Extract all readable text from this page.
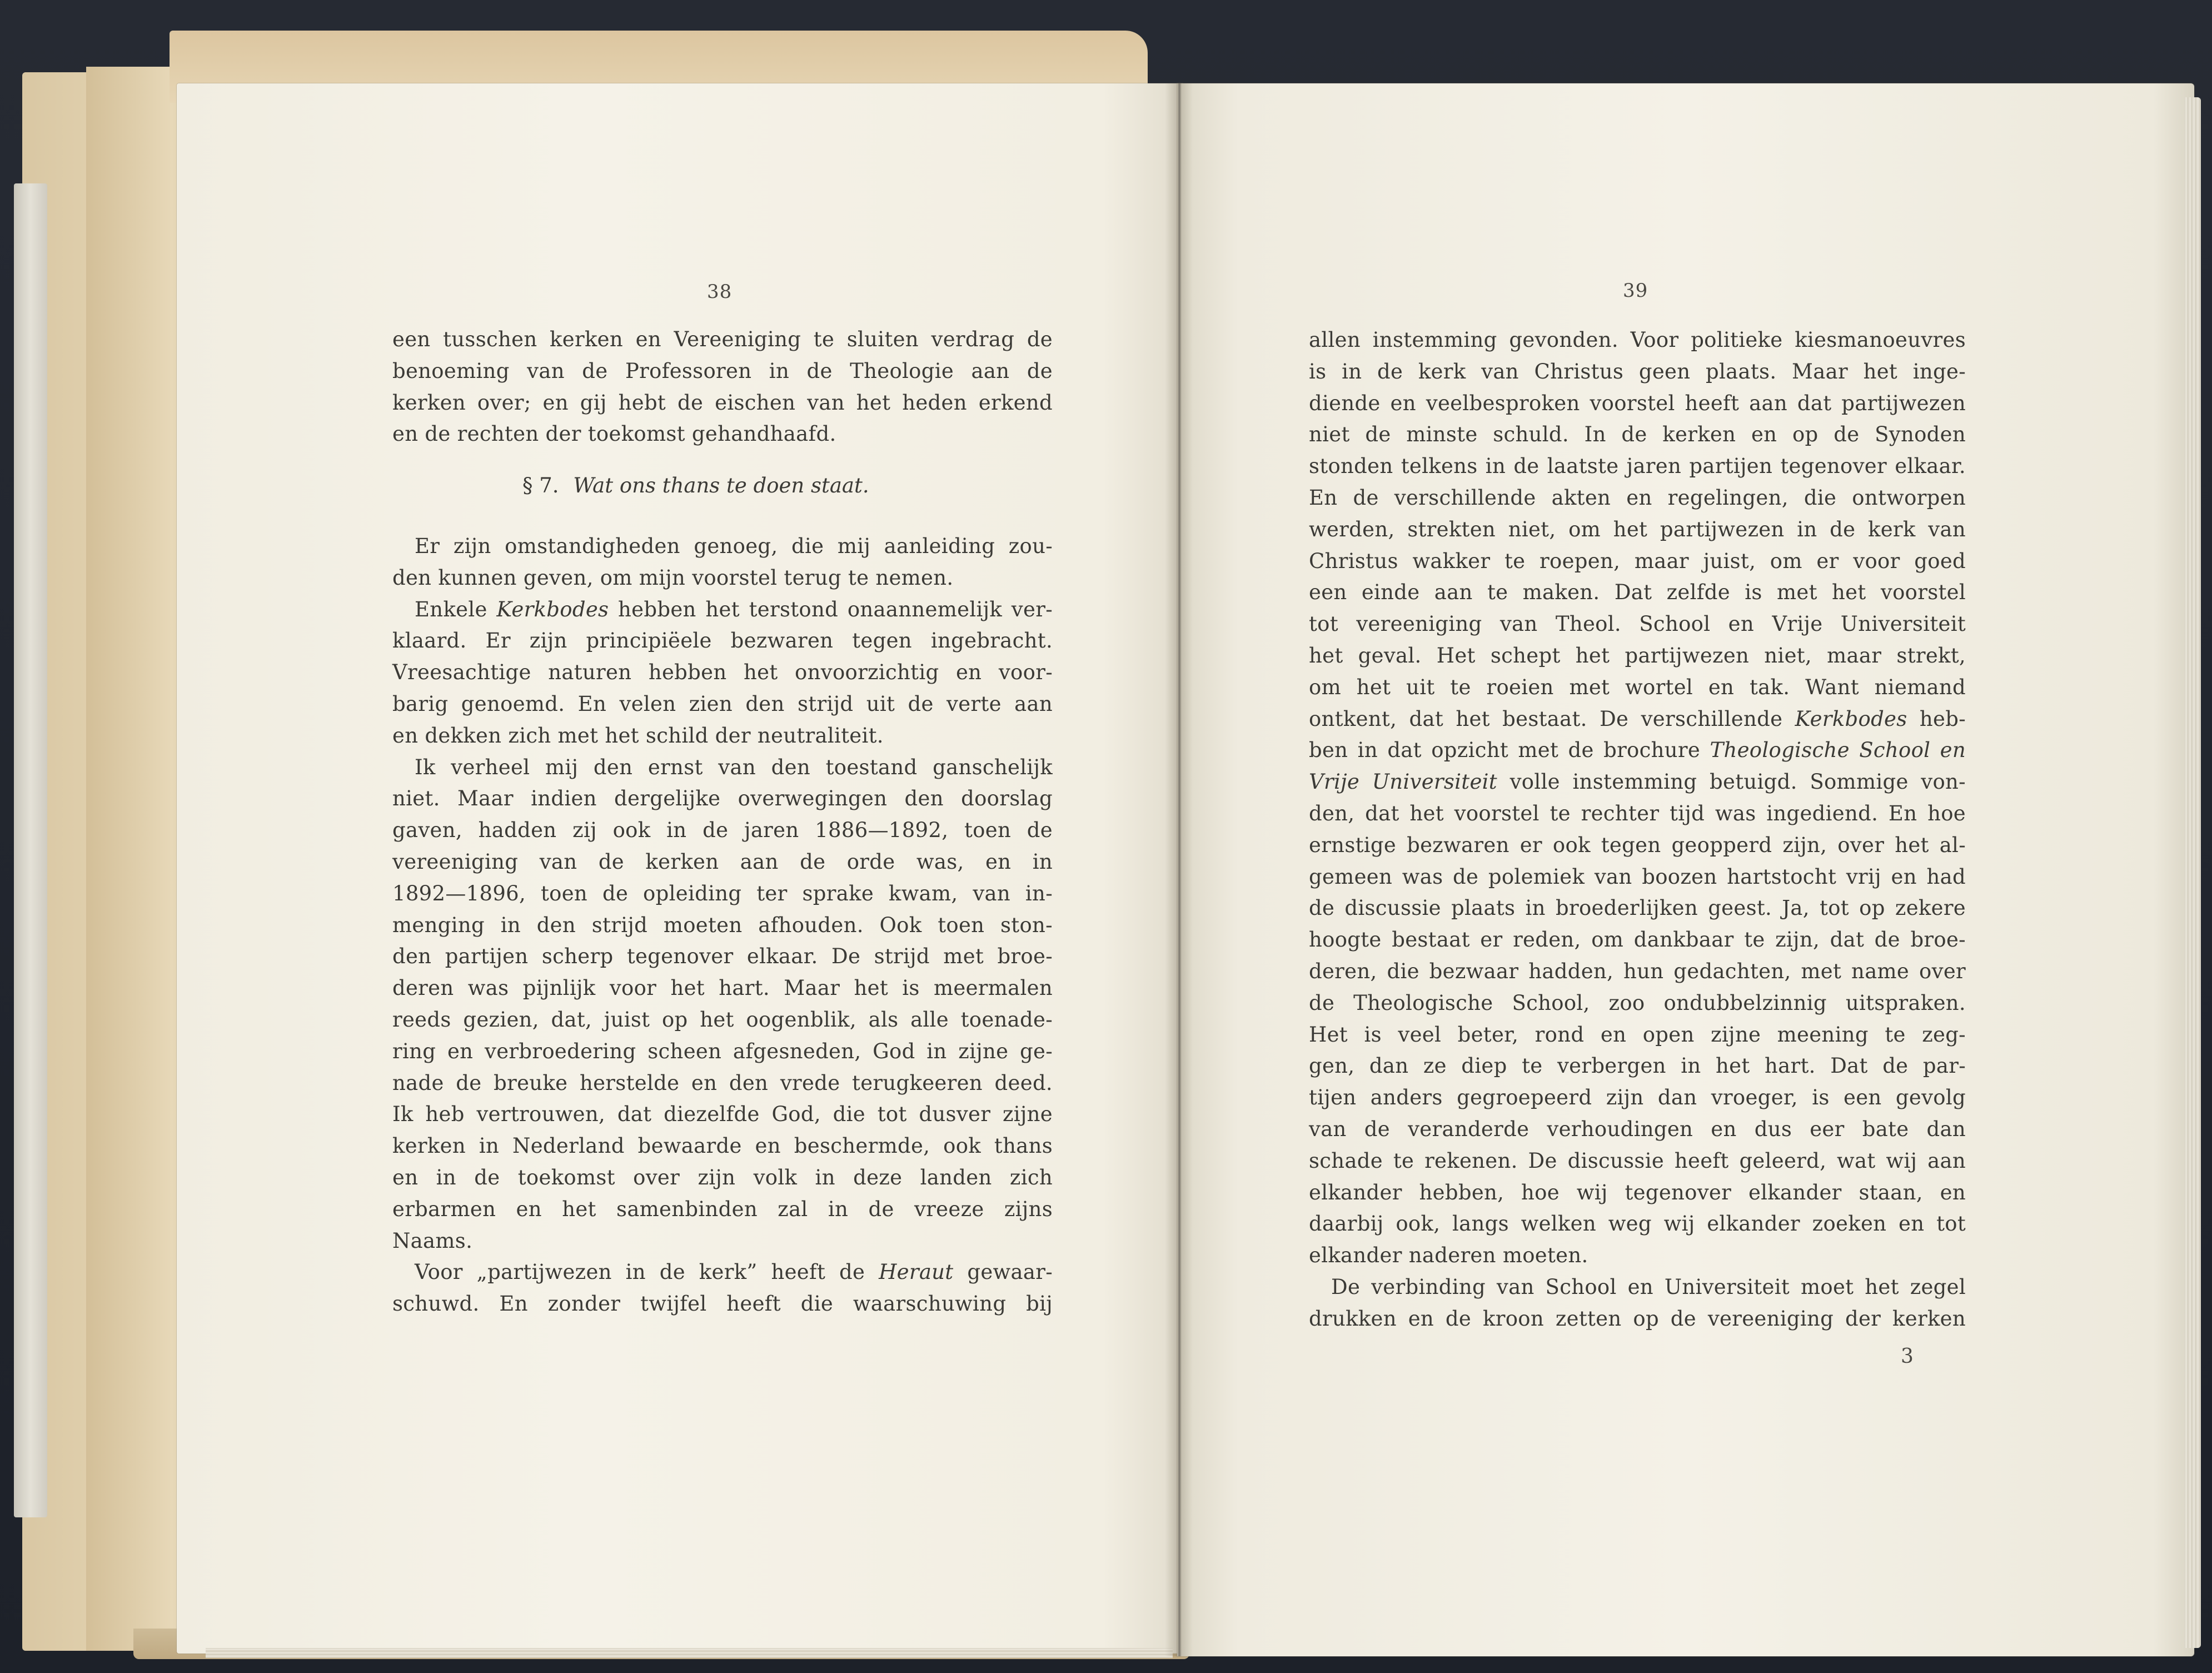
38
een tusschen kerken en Vereeniging te sluiten verdrag de
benoeming van de Professoren in de Theologie aan de
kerken over; en gij hebt de eischen van het heden erkend
en de rechten der toekomst gehandhaafd.
§ 7. Wat ons thans te doen staat.
Er zijn omstandigheden genoeg, die mij aanleiding zou-
den kunnen geven, om mijn voorstel terug te nemen.
Enkele Kerkbodes hebben het terstond onaannemelijk ver-
klaard. Er zijn principiëele bezwaren tegen ingebracht.
Vreesachtige naturen hebben het onvoorzichtig en voor-
barig genoemd. En velen zien den strijd uit de verte aan
en dekken zich met het schild der neutraliteit.
Ik verheel mij den ernst van den toestand ganschelijk
niet. Maar indien dergelijke overwegingen den doorslag
gaven, hadden zij ook in de jaren 1886—1892, toen de
vereeniging van de kerken aan de orde was, en in
1892—1896, toen de opleiding ter sprake kwam, van in-
menging in den strijd moeten afhouden. Ook toen ston-
den partijen scherp tegenover elkaar. De strijd met broe-
deren was pijnlijk voor het hart. Maar het is meermalen
reeds gezien, dat, juist op het oogenblik, als alle toenade-
ring en verbroedering scheen afgesneden, God in zijne ge-
nade de breuke herstelde en den vrede terugkeeren deed.
Ik heb vertrouwen, dat diezelfde God, die tot dusver zijne
kerken in Nederland bewaarde en beschermde, ook thans
en in de toekomst over zijn volk in deze landen zich
erbarmen en het samenbinden zal in de vreeze zijns
Naams.
Voor „partijwezen in de kerk” heeft de Heraut gewaar-
schuwd. En zonder twijfel heeft die waarschuwing bij
39
allen instemming gevonden. Voor politieke kiesmanoeuvres
is in de kerk van Christus geen plaats. Maar het inge-
diende en veelbesproken voorstel heeft aan dat partijwezen
niet de minste schuld. In de kerken en op de Synoden
stonden telkens in de laatste jaren partijen tegenover elkaar.
En de verschillende akten en regelingen, die ontworpen
werden, strekten niet, om het partijwezen in de kerk van
Christus wakker te roepen, maar juist, om er voor goed
een einde aan te maken. Dat zelfde is met het voorstel
tot vereeniging van Theol. School en Vrije Universiteit
het geval. Het schept het partijwezen niet, maar strekt,
om het uit te roeien met wortel en tak. Want niemand
ontkent, dat het bestaat. De verschillende Kerkbodes heb-
ben in dat opzicht met de brochure Theologische School en
Vrije Universiteit volle instemming betuigd. Sommige von-
den, dat het voorstel te rechter tijd was ingediend. En hoe
ernstige bezwaren er ook tegen geopperd zijn, over het al-
gemeen was de polemiek van boozen hartstocht vrij en had
de discussie plaats in broederlijken geest. Ja, tot op zekere
hoogte bestaat er reden, om dankbaar te zijn, dat de broe-
deren, die bezwaar hadden, hun gedachten, met name over
de Theologische School, zoo ondubbelzinnig uitspraken.
Het is veel beter, rond en open zijne meening te zeg-
gen, dan ze diep te verbergen in het hart. Dat de par-
tijen anders gegroepeerd zijn dan vroeger, is een gevolg
van de veranderde verhoudingen en dus eer bate dan
schade te rekenen. De discussie heeft geleerd, wat wij aan
elkander hebben, hoe wij tegenover elkander staan, en
daarbij ook, langs welken weg wij elkander zoeken en tot
elkander naderen moeten.
De verbinding van School en Universiteit moet het zegel
drukken en de kroon zetten op de vereeniging der kerken
3
